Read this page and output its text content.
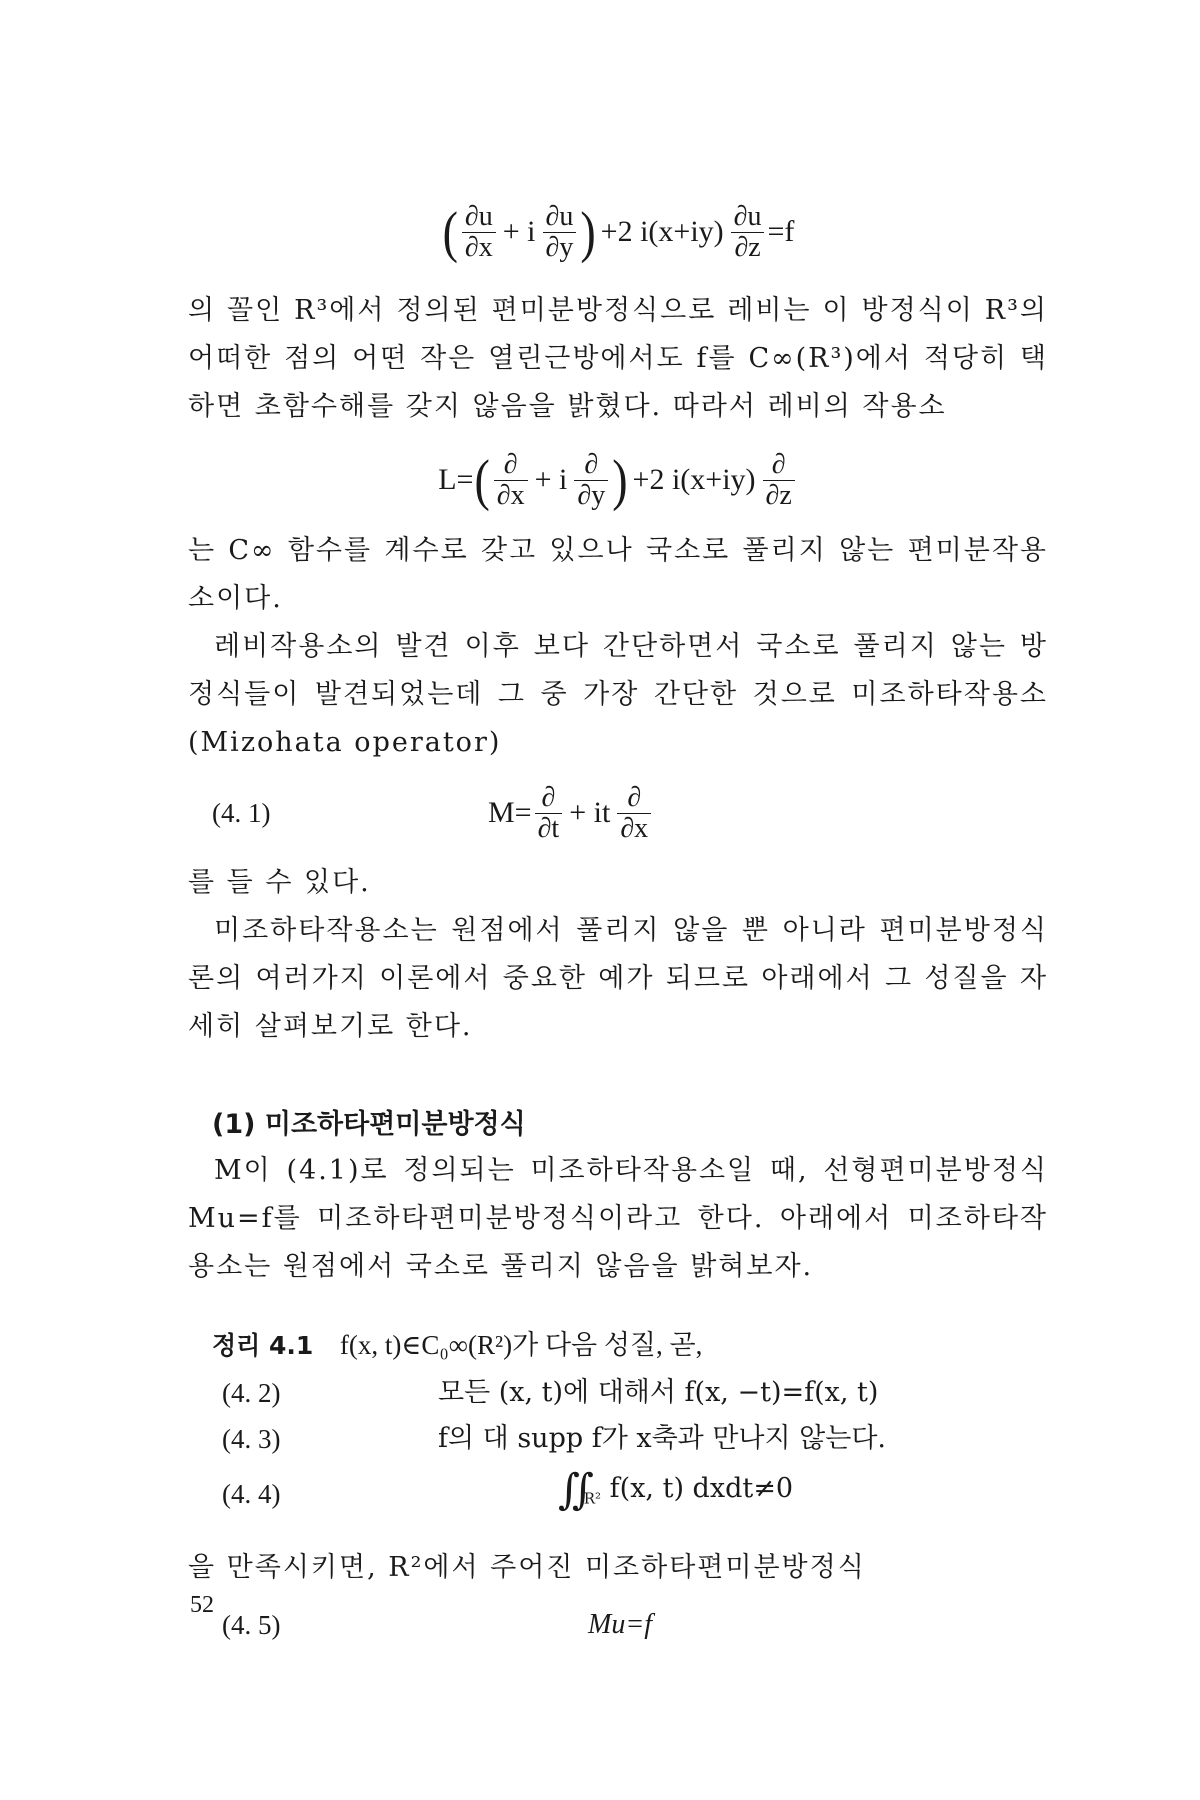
( $\frac{\partial u}{\partial x} + i \frac{\partial u}{\partial y}$ ) +2 $i(x+iy) \frac{\partial u}{\partial z} =f$

의 꼴인 R³에서 정의된 편미분방정식으로 레비는 이 방정식이 R³의 어떠한 점의 어떤 작은 열린근방에서도 f를 C∞(R³)에서 적당히 택하면 초함수해를 갖지 않음을 밝혔다. 따라서 레비의 작용소

L= ( $\frac{\partial}{\partial x} + i \frac{\partial}{\partial y}$ ) +2 $i(x+iy) \frac{\partial}{\partial z}$

는 C∞ 함수를 계수로 갖고 있으나 국소로 풀리지 않는 편미분작용소이다.

레비작용소의 발견 이후 보다 간단하면서 국소로 풀리지 않는 방정식들이 발견되었는데 그 중 가장 간단한 것으로 미조하타작용소(Mizohata operator)

(4. 1)	$M= \frac{\partial}{\partial t}$ + it $\frac{\partial}{\partial x}$

를 들 수 있다.

미조하타작용소는 원점에서 풀리지 않을 뿐 아니라 편미분방정식론의 여러가지 이론에서 중요한 예가 되므로 아래에서 그 성질을 자세히 살펴보기로 한다.

(1) 미조하타편미분방정식

M이 (4.1)로 정의되는 미조하타작용소일 때, 선형편미분방정식 Mu=f를 미조하타편미분방정식이라고 한다. 아래에서 미조하타작용소는 원점에서 국소로 풀리지 않음을 밝혀보자.

정리 4.1 f(x, t)∈C₀∞(R²)가 다음 성질, 곧,
(4. 2)	모든 (x, t)에 대해서 f(x, −t)=f(x, t)
(4. 3)	f의 대 supp f가 x축과 만나지 않는다.
(4. 4)	$∬_{R^2}$ f(x, t) dxdt≠0

을 만족시키면, R²에서 주어진 미조하타편미분방정식

(4. 5)	Mu=f
52
